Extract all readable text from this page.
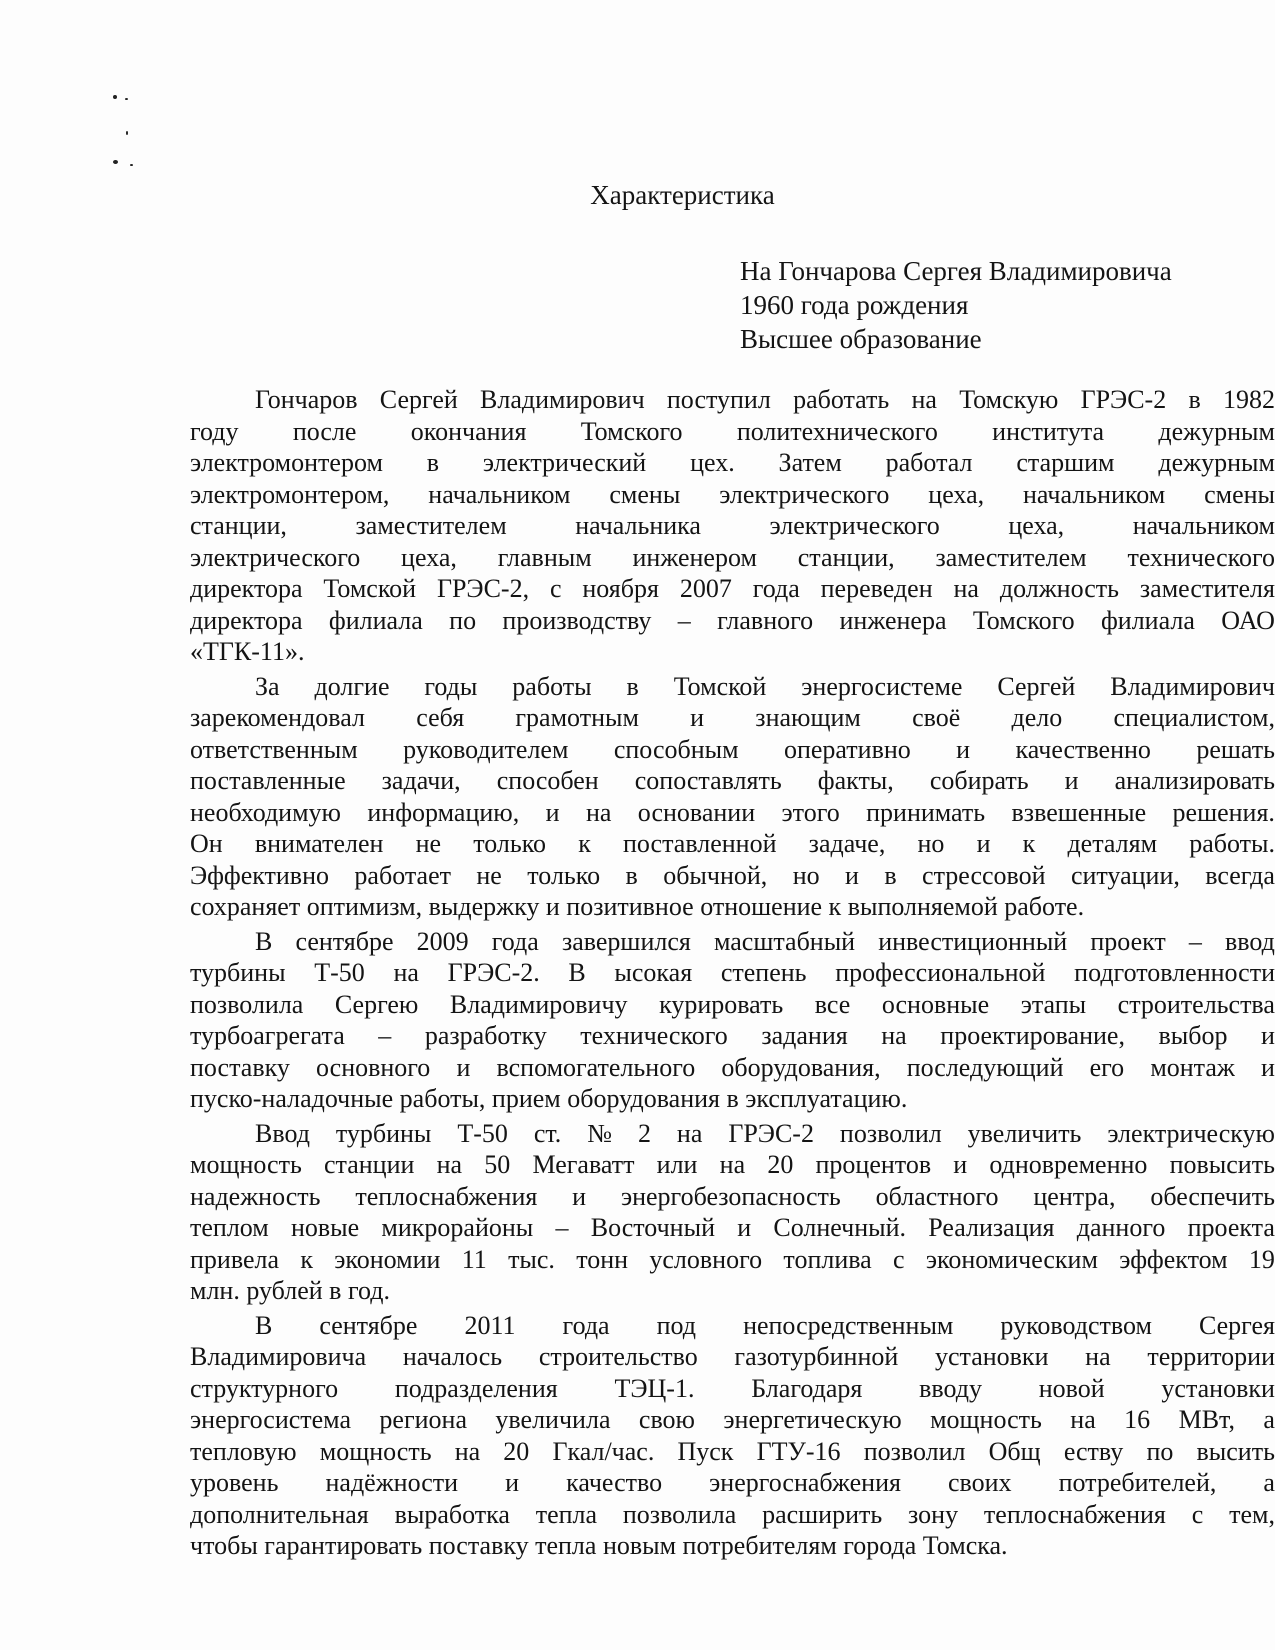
Характеристика
На Гончарова Сергея Владимировича
1960 года рождения
Высшее образование
Гончаров Сергей Владимирович поступил работать на Томскую ГРЭС-2 в 1982
году после окончания Томского политехнического института дежурным
электромонтером в электрический цех. Затем работал старшим дежурным
электромонтером, начальником смены электрического цеха, начальником смены
станции,	заместителем	начальника	электрического	цеха,	начальником
электрического цеха, главным инженером станции, заместителем технического
директора Томской ГРЭС-2, с ноября 2007 года переведен на должность заместителя
директора филиала по производству – главного инженера Томского филиала ОАО
«ТГК-11».
За долгие годы работы в Томской энергосистеме Сергей Владимирович
зарекомендовал себя грамотным и знающим своё дело специалистом,
ответственным руководителем способным оперативно и качественно решать
поставленные задачи, способен сопоставлять факты, собирать и анализировать
необходимую информацию, и на основании этого принимать взвешенные решения.
Он внимателен не только к поставленной задаче, но и к деталям работы.
Эффективно работает не только в обычной, но и в стрессовой ситуации, всегда
сохраняет оптимизм, выдержку и позитивное отношение к выполняемой работе.
В сентябре 2009 года завершился масштабный инвестиционный проект – ввод
турбины Т-50 на ГРЭС-2. В ысокая степень профессиональной подготовленности
позволила Сергею Владимировичу курировать все основные этапы строительства
турбоагрегата – разработку технического задания на проектирование, выбор и
поставку основного и вспомогательного оборудования, последующий его монтаж и
пуско-наладочные работы, прием оборудования в эксплуатацию.
Ввод турбины Т-50 ст. № 2 на ГРЭС-2 позволил увеличить электрическую
мощность станции на 50 Мегаватт или на 20 процентов и одновременно повысить
надежность теплоснабжения и энергобезопасность областного центра, обеспечить
теплом новые микрорайоны – Восточный и Солнечный. Реализация данного проекта
привела к экономии 11 тыс. тонн условного топлива с экономическим эффектом 19
млн. рублей в год.
В сентябре 2011 года под непосредственным руководством Сергея
Владимировича началось строительство газотурбинной установки на территории
структурного подразделения ТЭЦ-1. Благодаря вводу новой установки
энергосистема региона увеличила свою энергетическую мощность на 16 МВт, а
тепловую мощность на 20 Гкал/час. Пуск ГТУ-16 позволил Общ еству по высить
уровень надёжности и качество энергоснабжения своих потребителей, а
дополнительная выработка тепла позволила расширить зону теплоснабжения с тем,
чтобы гарантировать поставку тепла новым потребителям города Томска.
